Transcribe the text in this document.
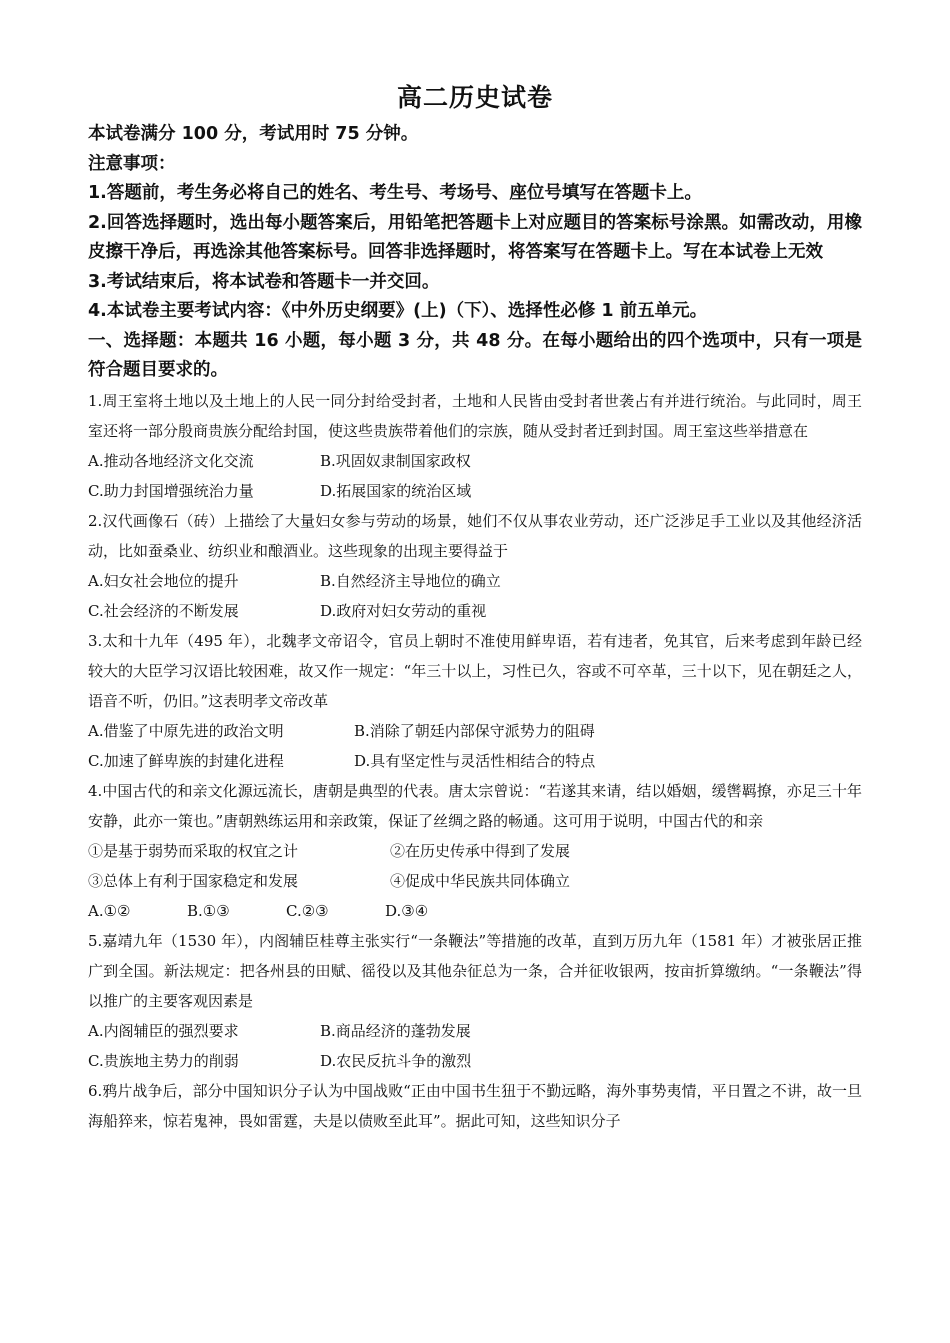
高二历史试卷

本试卷满分 100 分，考试用时 75 分钟。

注意事项：

1.答题前，考生务必将自己的姓名、考生号、考场号、座位号填写在答题卡上。

2.回答选择题时，选出每小题答案后，用铅笔把答题卡上对应题目的答案标号涂黑。如需改动，用橡皮擦干净后，再选涂其他答案标号。回答非选择题时，将答案写在答题卡上。写在本试卷上无效

3.考试结束后，将本试卷和答题卡一并交回。

4.本试卷主要考试内容：《中外历史纲要》(上)（下）、选择性必修 1 前五单元。

一、选择题：本题共 16 小题，每小题 3 分，共 48 分。在每小题给出的四个选项中，只有一项是符合题目要求的。

1.周王室将土地以及土地上的人民一同分封给受封者，土地和人民皆由受封者世袭占有并进行统治。与此同时，周王室还将一部分殷商贵族分配给封国，使这些贵族带着他们的宗族，随从受封者迁到封国。周王室这些举措意在

A.推动各地经济文化交流	B.巩固奴隶制国家政权
C.助力封国增强统治力量	D.拓展国家的统治区域

2.汉代画像石（砖）上描绘了大量妇女参与劳动的场景，她们不仅从事农业劳动，还广泛涉足手工业以及其他经济活动，比如蚕桑业、纺织业和酿酒业。这些现象的出现主要得益于

A.妇女社会地位的提升	B.自然经济主导地位的确立
C.社会经济的不断发展	D.政府对妇女劳动的重视

3.太和十九年（495 年），北魏孝文帝诏令，官员上朝时不准使用鲜卑语，若有违者，免其官，后来考虑到年龄已经较大的大臣学习汉语比较困难，故又作一规定：“年三十以上，习性已久，容或不可卒革，三十以下，见在朝廷之人，语音不听，仍旧。”这表明孝文帝改革

A.借鉴了中原先进的政治文明	B.消除了朝廷内部保守派势力的阻碍
C.加速了鲜卑族的封建化进程	D.具有坚定性与灵活性相结合的特点

4.中国古代的和亲文化源远流长，唐朝是典型的代表。唐太宗曾说：“若遂其来请，结以婚姻，缓辔羁撩，亦足三十年安静，此亦一策也。”唐朝熟练运用和亲政策，保证了丝绸之路的畅通。这可用于说明，中国古代的和亲

①是基于弱势而采取的权宜之计	②在历史传承中得到了发展
③总体上有利于国家稳定和发展	④促成中华民族共同体确立
A.①②	B.①③	C.②③	D.③④

5.嘉靖九年（1530 年），内阁辅臣桂尊主张实行“一条鞭法”等措施的改革，直到万历九年（1581 年）才被张居正推广到全国。新法规定：把各州县的田赋、徭役以及其他杂征总为一条，合并征收银两，按亩折算缴纳。“一条鞭法”得以推广的主要客观因素是

A.内阁辅臣的强烈要求	B.商品经济的蓬勃发展
C.贵族地主势力的削弱	D.农民反抗斗争的激烈

6.鸦片战争后，部分中国知识分子认为中国战败“正由中国书生狃于不勤远略，海外事势夷情，平日置之不讲，故一旦海船猝来，惊若鬼神，畏如雷霆，夫是以债败至此耳”。据此可知，这些知识分子
